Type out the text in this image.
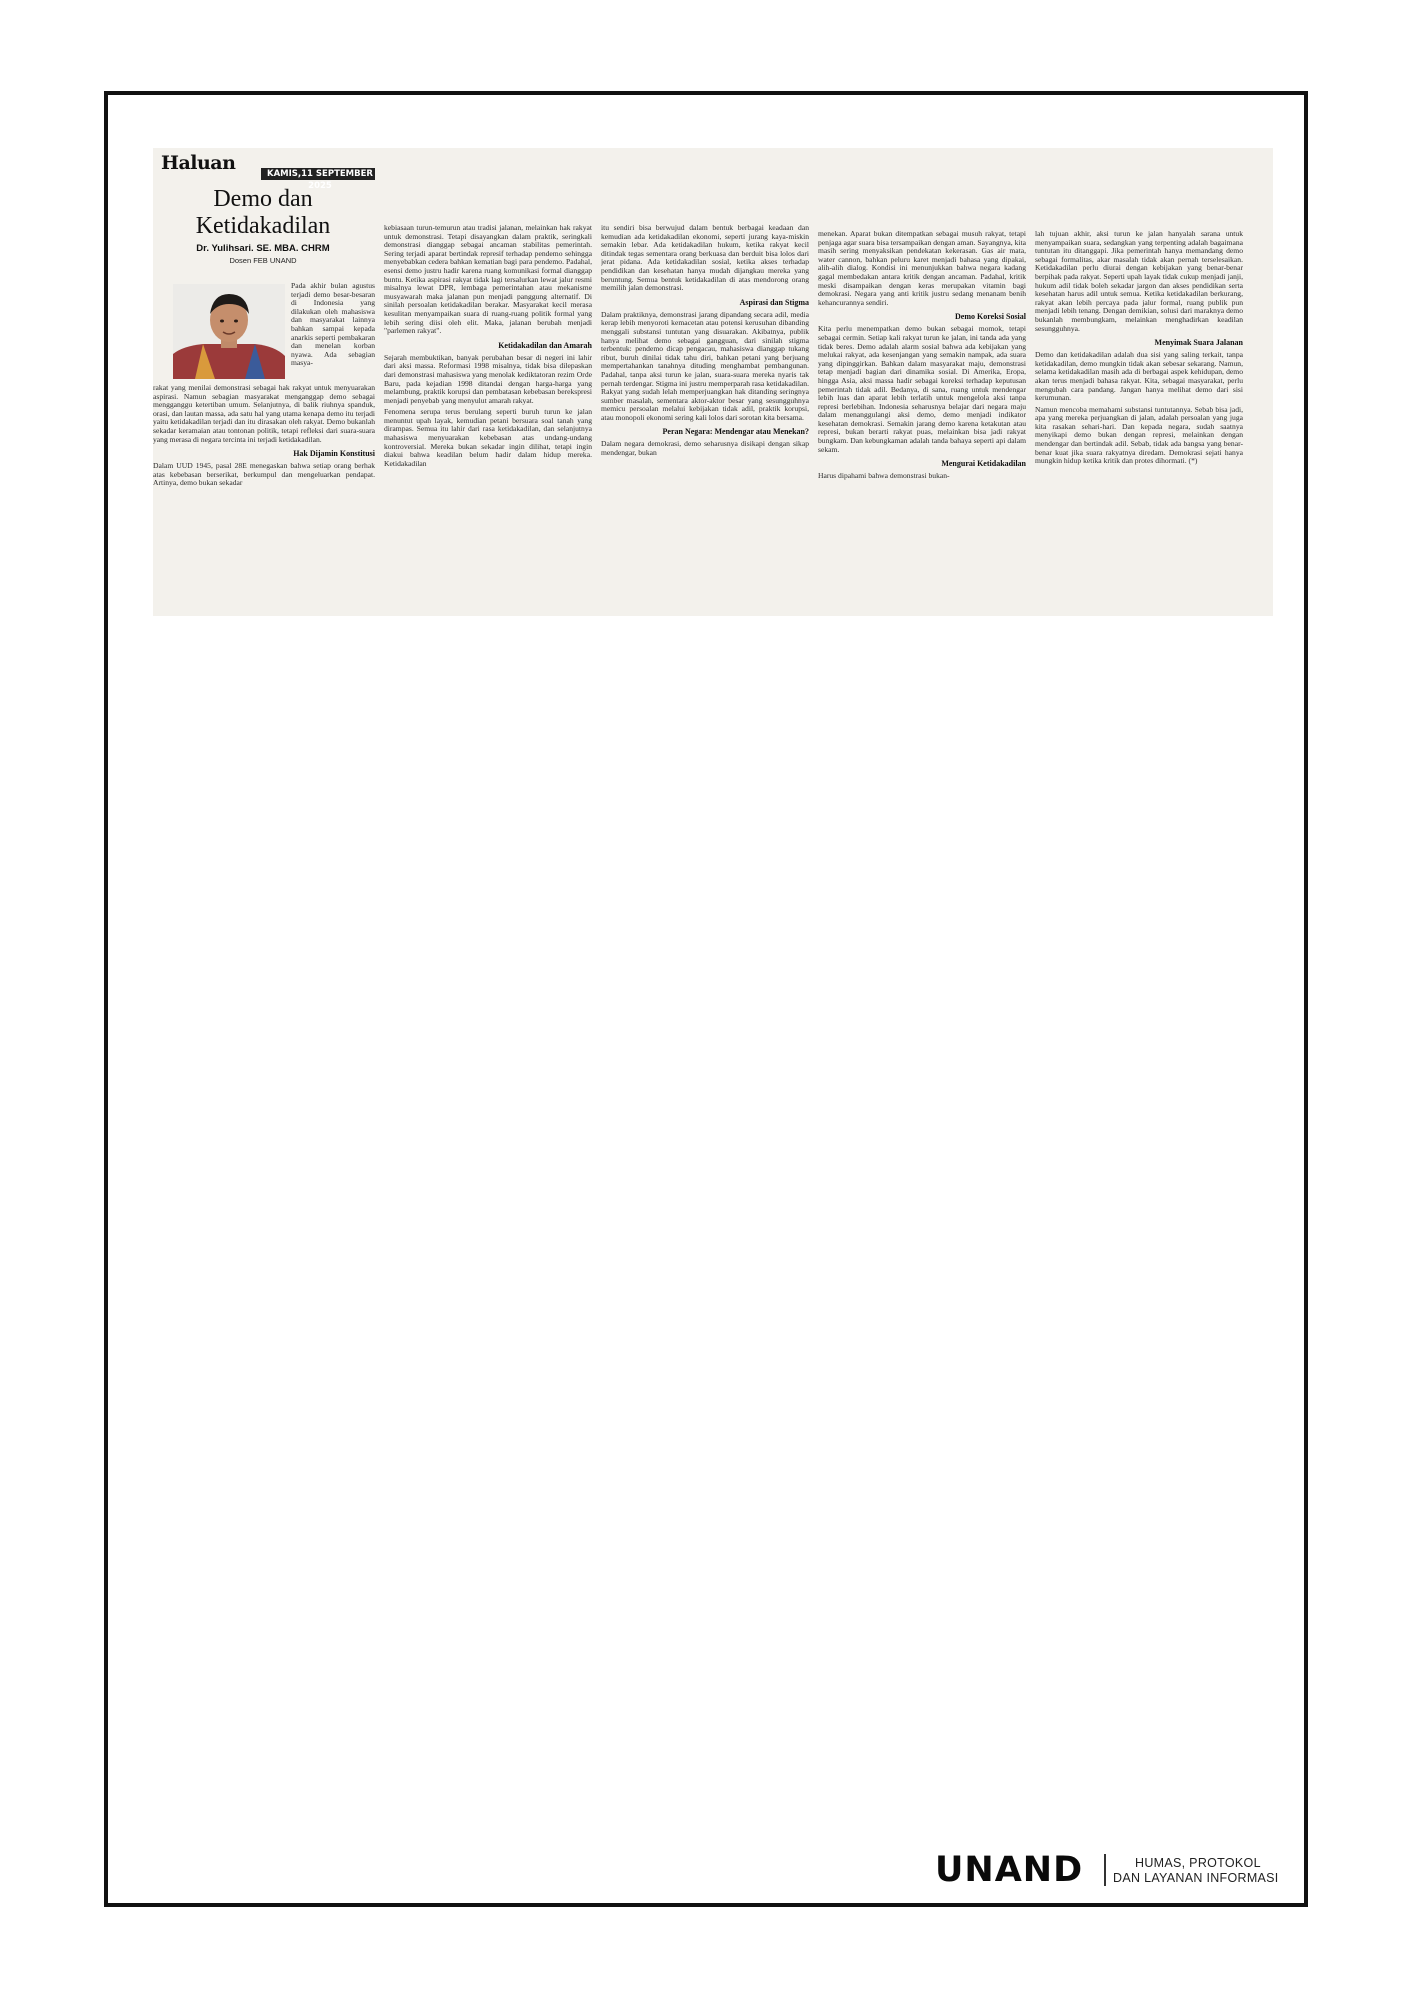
Haluan	KAMIS,11 SEPTEMBER 2025
Demo dan Ketidakadilan
Dr. Yulihsari. SE. MBA. CHRM
Dosen FEB UNAND

Pada akhir bulan agustus terjadi demo besar-besaran di Indonesia yang dilakukan oleh mahasiswa dan masyarakat lainnya bahkan sampai kepada anarkis seperti pembakaran dan menelan korban nyawa. Ada sebagian masya-

rakat yang menilai demonstrasi sebagai hak rakyat untuk menyuarakan aspirasi. Namun sebagian masyarakat menganggap demo sebagai mengganggu ketertiban umum. Selanjutnya, di balik riuhnya spanduk, orasi, dan lautan massa, ada satu hal yang utama kenapa demo itu terjadi yaitu ketidakadilan terjadi dan itu dirasakan oleh rakyat. Demo bukanlah sekadar keramaian atau tontonan politik, tetapi refleksi dari suara-suara yang merasa di negara tercinta ini terjadi ketidakadilan.

Hak Dijamin Konstitusi

Dalam UUD 1945, pasal 28E menegaskan bahwa setiap orang berhak atas kebebasan berserikat, berkumpul dan mengeluarkan pendapat. Artinya, demo bukan sekadar

kebiasaan turun-temurun atau tradisi jalanan, melainkan hak rakyat untuk demonstrasi. Tetapi disayangkan dalam praktik, seringkali demonstrasi dianggap sebagai ancaman stabilitas pemerintah. Sering terjadi aparat bertindak represif terhadap pendemo sehingga menyebabkan cedera bahkan kematian bagi para pendemo. Padahal, esensi demo justru hadir karena ruang komunikasi formal dianggap buntu. Ketika aspirasi rakyat tidak lagi tersalurkan lewat jalur resmi misalnya lewat DPR, lembaga pemerintahan atau mekanisme musyawarah maka jalanan pun menjadi panggung alternatif. Di sinilah persoalan ketidakadilan berakar. Masyarakat kecil merasa kesulitan menyampaikan suara di ruang-ruang politik formal yang lebih sering diisi oleh elit. Maka, jalanan berubah menjadi "parlemen rakyat".

Ketidakadilan dan Amarah

Sejarah membuktikan, banyak perubahan besar di negeri ini lahir dari aksi massa. Reformasi 1998 misalnya, tidak bisa dilepaskan dari demonstrasi mahasiswa yang menolak kediktatoran rezim Orde Baru, pada kejadian 1998 ditandai dengan harga-harga yang melambung, praktik korupsi dan pembatasan kebebasan berekspresi menjadi penyebab yang menyulut amarah rakyat.

Fenomena serupa terus berulang seperti buruh turun ke jalan menuntut upah layak, kemudian petani bersuara soal tanah yang dirampas. Semua itu lahir dari rasa ketidakadilan, dan selanjutnya mahasiswa menyuarakan kebebasan atas undang-undang kontroversial. Mereka bukan sekadar ingin dilihat, tetapi ingin diakui bahwa keadilan belum hadir dalam hidup mereka. Ketidakadilan

itu sendiri bisa berwujud dalam bentuk berbagai keadaan dan kemudian ada ketidakadilan ekonomi, seperti jurang kaya-miskin semakin lebar. Ada ketidakadilan hukum, ketika rakyat kecil ditindak tegas sementara orang berkuasa dan berduit bisa lolos dari jerat pidana. Ada ketidakadilan sosial, ketika akses terhadap pendidikan dan kesehatan hanya mudah dijangkau mereka yang beruntung. Semua bentuk ketidakadilan di atas mendorong orang memilih jalan demonstrasi.

Aspirasi dan Stigma

Dalam praktiknya, demonstrasi jarang dipandang secara adil, media kerap lebih menyoroti kemacetan atau potensi kerusuhan dibanding menggali substansi tuntutan yang disuarakan. Akibatnya, publik hanya melihat demo sebagai gangguan, dari sinilah stigma terbentuk: pendemo dicap pengacau, mahasiswa dianggap tukang ribut, buruh dinilai tidak tahu diri, bahkan petani yang berjuang mempertahankan tanahnya dituding menghambat pembangunan. Padahal, tanpa aksi turun ke jalan, suara-suara mereka nyaris tak pernah terdengar. Stigma ini justru memperparah rasa ketidakadilan. Rakyat yang sudah lelah memperjuangkan hak ditanding seringnya sumber masalah, sementara aktor-aktor besar yang sesungguhnya memicu persoalan melalui kebijakan tidak adil, praktik korupsi, atau monopoli ekonomi sering kali lolos dari sorotan kita bersama.

Peran Negara: Mendengar atau Menekan?

Dalam negara demokrasi, demo seharusnya disikapi dengan sikap mendengar, bukan

menekan. Aparat bukan ditempatkan sebagai musuh rakyat, tetapi penjaga agar suara bisa tersampaikan dengan aman. Sayangnya, kita masih sering menyaksikan pendekatan kekerasan. Gas air mata, water cannon, bahkan peluru karet menjadi bahasa yang dipakai, alih-alih dialog. Kondisi ini menunjukkan bahwa negara kadang gagal membedakan antara kritik dengan ancaman. Padahal, kritik meski disampaikan dengan keras merupakan vitamin bagi demokrasi. Negara yang anti kritik justru sedang menanam benih kehancurannya sendiri.

Demo Koreksi Sosial

Kita perlu menempatkan demo bukan sebagai momok, tetapi sebagai cermin. Setiap kali rakyat turun ke jalan, ini tanda ada yang tidak beres. Demo adalah alarm sosial bahwa ada kebijakan yang melukai rakyat, ada kesenjangan yang semakin nampak, ada suara yang dipinggirkan. Bahkan dalam masyarakat maju, demonstrasi tetap menjadi bagian dari dinamika sosial. Di Amerika, Eropa, hingga Asia, aksi massa hadir sebagai koreksi terhadap keputusan pemerintah tidak adil. Bedanya, di sana, ruang untuk mendengar lebih luas dan aparat lebih terlatih untuk mengelola aksi tanpa represi berlebihan. Indonesia seharusnya belajar dari negara maju dalam menanggulangi aksi demo, demo menjadi indikator kesehatan demokrasi. Semakin jarang demo karena ketakutan atau represi, bukan berarti rakyat puas, melainkan bisa jadi rakyat bungkam. Dan kebungkaman adalah tanda bahaya seperti api dalam sekam.

Mengurai Ketidakadilan

Harus dipahami bahwa demonstrasi bukan-

lah tujuan akhir, aksi turun ke jalan hanyalah sarana untuk menyampaikan suara, sedangkan yang terpenting adalah bagaimana tuntutan itu ditanggapi. Jika pemerintah hanya memandang demo sebagai formalitas, akar masalah tidak akan pernah terselesaikan. Ketidakadilan perlu diurai dengan kebijakan yang benar-benar berpihak pada rakyat. Seperti upah layak tidak cukup menjadi janji, hukum adil tidak boleh sekadar jargon dan akses pendidikan serta kesehatan harus adil untuk semua. Ketika ketidakadilan berkurang, rakyat akan lebih percaya pada jalur formal, ruang publik pun menjadi lebih tenang. Dengan demikian, solusi dari maraknya demo bukanlah membungkam, melainkan menghadirkan keadilan sesungguhnya.

Menyimak Suara Jalanan

Demo dan ketidakadilan adalah dua sisi yang saling terkait, tanpa ketidakadilan, demo mungkin tidak akan sebesar sekarang. Namun, selama ketidakadilan masih ada di berbagai aspek kehidupan, demo akan terus menjadi bahasa rakyat. Kita, sebagai masyarakat, perlu mengubah cara pandang. Jangan hanya melihat demo dari sisi kerumunan.

Namun mencoba memahami substansi tuntutannya. Sebab bisa jadi, apa yang mereka perjuangkan di jalan, adalah persoalan yang juga kita rasakan sehari-hari. Dan kepada negara, sudah saatnya menyikapi demo bukan dengan represi, melainkan dengan mendengar dan bertindak adil. Sebab, tidak ada bangsa yang benar-benar kuat jika suara rakyatnya diredam. Demokrasi sejati hanya mungkin hidup ketika kritik dan protes dihormati. (*)

UNAND	HUMAS, PROTOKOL
DAN LAYANAN INFORMASI
